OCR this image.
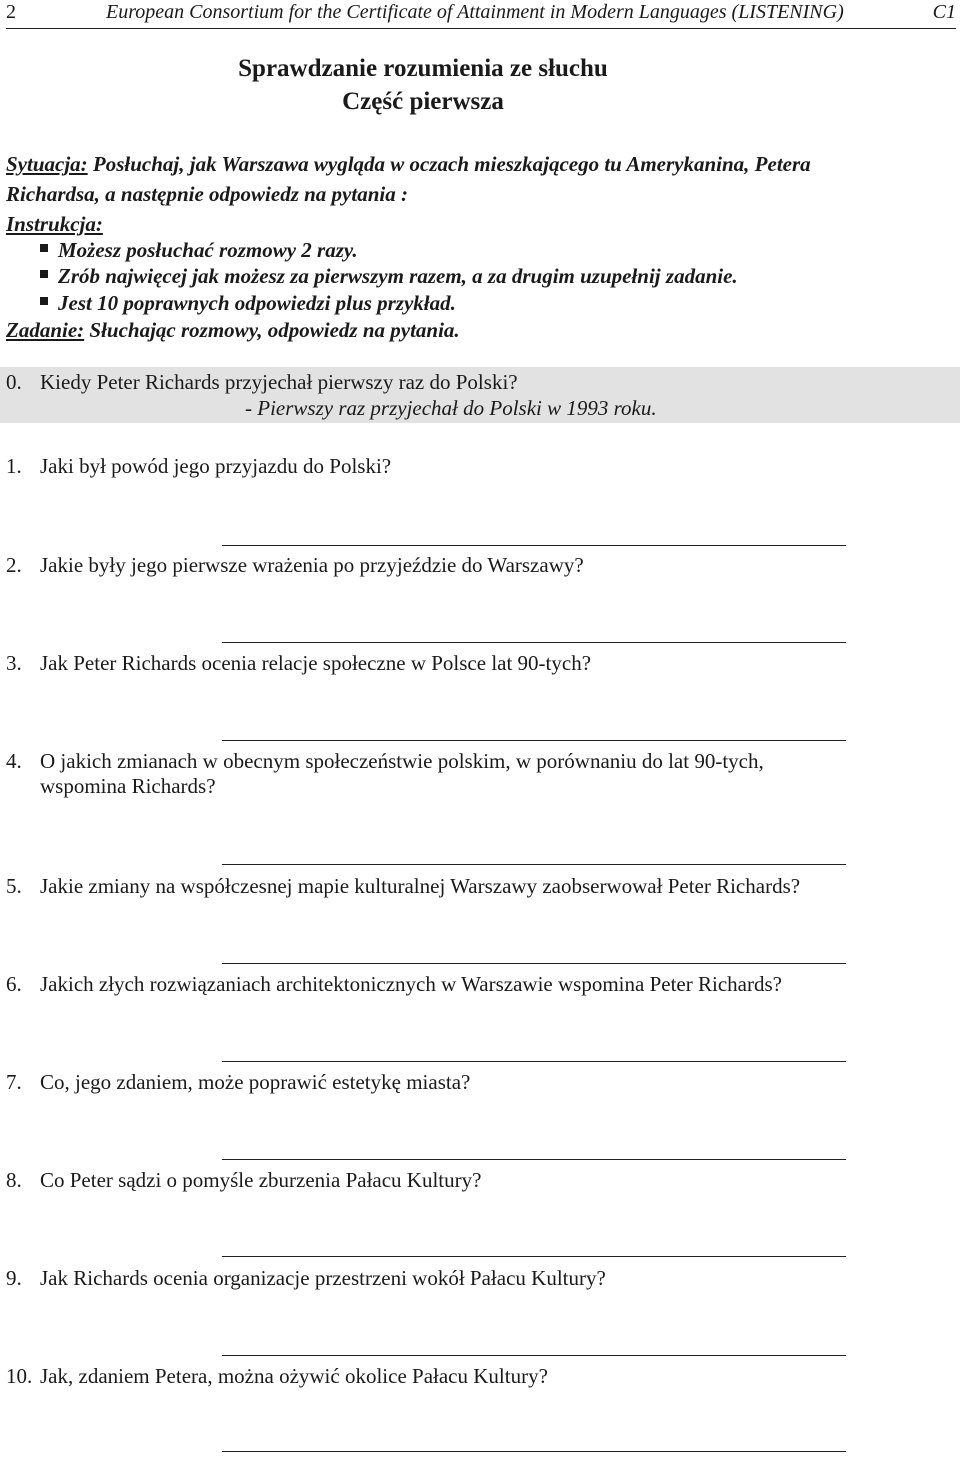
2	European Consortium for the Certificate of Attainment in Modern Languages (LISTENING)	C1
Sprawdzanie rozumienia ze słuchu
Część pierwsza
Sytuacja: Posłuchaj, jak Warszawa wygląda w oczach mieszkającego tu Amerykanina, Petera
Richardsa, a następnie odpowiedz na pytania :
Instrukcja:
Możesz posłuchać rozmowy 2 razy.
Zrób najwięcej jak możesz za pierwszym razem, a za drugim uzupełnij zadanie.
Jest 10 poprawnych odpowiedzi plus przykład.
Zadanie: Słuchając rozmowy, odpowiedz na pytania.
0. Kiedy Peter Richards przyjechał pierwszy raz do Polski?
- Pierwszy raz przyjechał do Polski w 1993 roku.
1. Jaki był powód jego przyjazdu do Polski?
2. Jakie były jego pierwsze wrażenia po przyjeździe do Warszawy?
3. Jak Peter Richards ocenia relacje społeczne w Polsce lat 90-tych?
4. O jakich zmianach w obecnym społeczeństwie polskim, w porównaniu do lat 90-tych,
wspomina Richards?
5. Jakie zmiany na współczesnej mapie kulturalnej Warszawy zaobserwował Peter Richards?
6. Jakich złych rozwiązaniach architektonicznych w Warszawie wspomina Peter Richards?
7. Co, jego zdaniem, może poprawić estetykę miasta?
8. Co Peter sądzi o pomyśle zburzenia Pałacu Kultury?
9. Jak Richards ocenia organizacje przestrzeni wokół Pałacu Kultury?
10. Jak, zdaniem Petera, można ożywić okolice Pałacu Kultury?
